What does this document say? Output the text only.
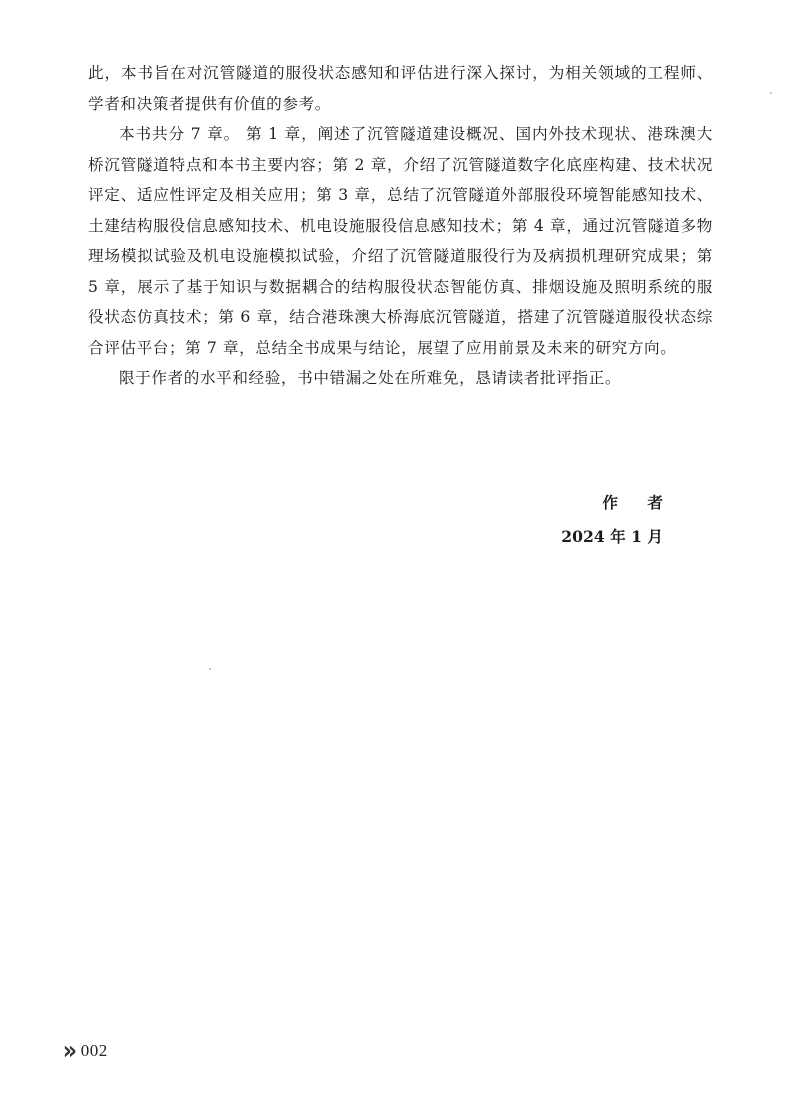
此，本书旨在对沉管隧道的服役状态感知和评估进行深入探讨，为相关领域的工程师、学者和决策者提供有价值的参考。

本书共分 7 章。 第 1 章，阐述了沉管隧道建设概况、国内外技术现状、港珠澳大桥沉管隧道特点和本书主要内容；第 2 章，介绍了沉管隧道数字化底座构建、技术状况评定、适应性评定及相关应用；第 3 章，总结了沉管隧道外部服役环境智能感知技术、土建结构服役信息感知技术、机电设施服役信息感知技术；第 4 章，通过沉管隧道多物理场模拟试验及机电设施模拟试验，介绍了沉管隧道服役行为及病损机理研究成果；第 5 章，展示了基于知识与数据耦合的结构服役状态智能仿真、排烟设施及照明系统的服役状态仿真技术；第 6 章，结合港珠澳大桥海底沉管隧道，搭建了沉管隧道服役状态综合评估平台；第 7 章，总结全书成果与结论，展望了应用前景及未来的研究方向。

限于作者的水平和经验，书中错漏之处在所难免，恳请读者批评指正。

作 者
2024 年 1 月
» 002
